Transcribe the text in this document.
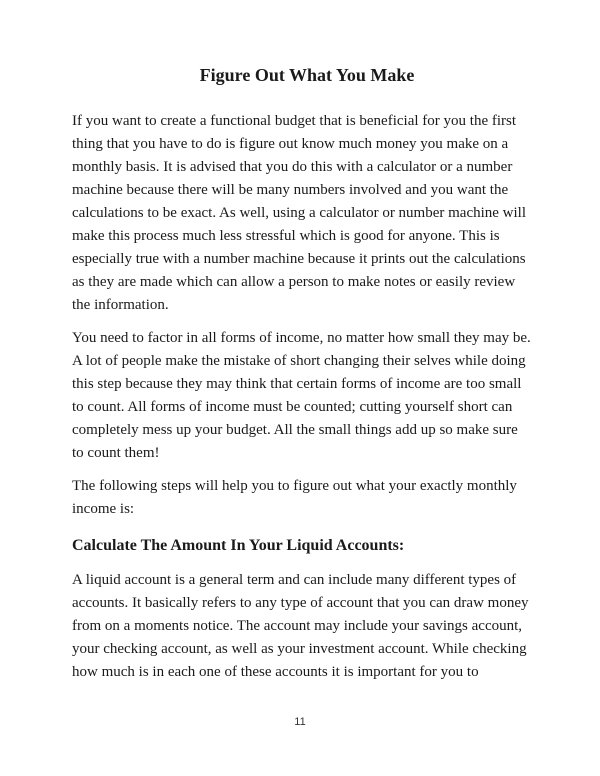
Figure Out What You Make

If you want to create a functional budget that is beneficial for you the first
thing that you have to do is figure out know much money you make on a
monthly basis. It is advised that you do this with a calculator or a number
machine because there will be many numbers involved and you want the
calculations to be exact. As well, using a calculator or number machine will
make this process much less stressful which is good for anyone. This is
especially true with a number machine because it prints out the calculations
as they are made which can allow a person to make notes or easily review
the information.

You need to factor in all forms of income, no matter how small they may be.
A lot of people make the mistake of short changing their selves while doing
this step because they may think that certain forms of income are too small
to count. All forms of income must be counted; cutting yourself short can
completely mess up your budget. All the small things add up so make sure
to count them!

The following steps will help you to figure out what your exactly monthly
income is:

Calculate The Amount In Your Liquid Accounts:

A liquid account is a general term and can include many different types of
accounts. It basically refers to any type of account that you can draw money
from on a moments notice. The account may include your savings account,
your checking account, as well as your investment account. While checking
how much is in each one of these accounts it is important for you to

11
